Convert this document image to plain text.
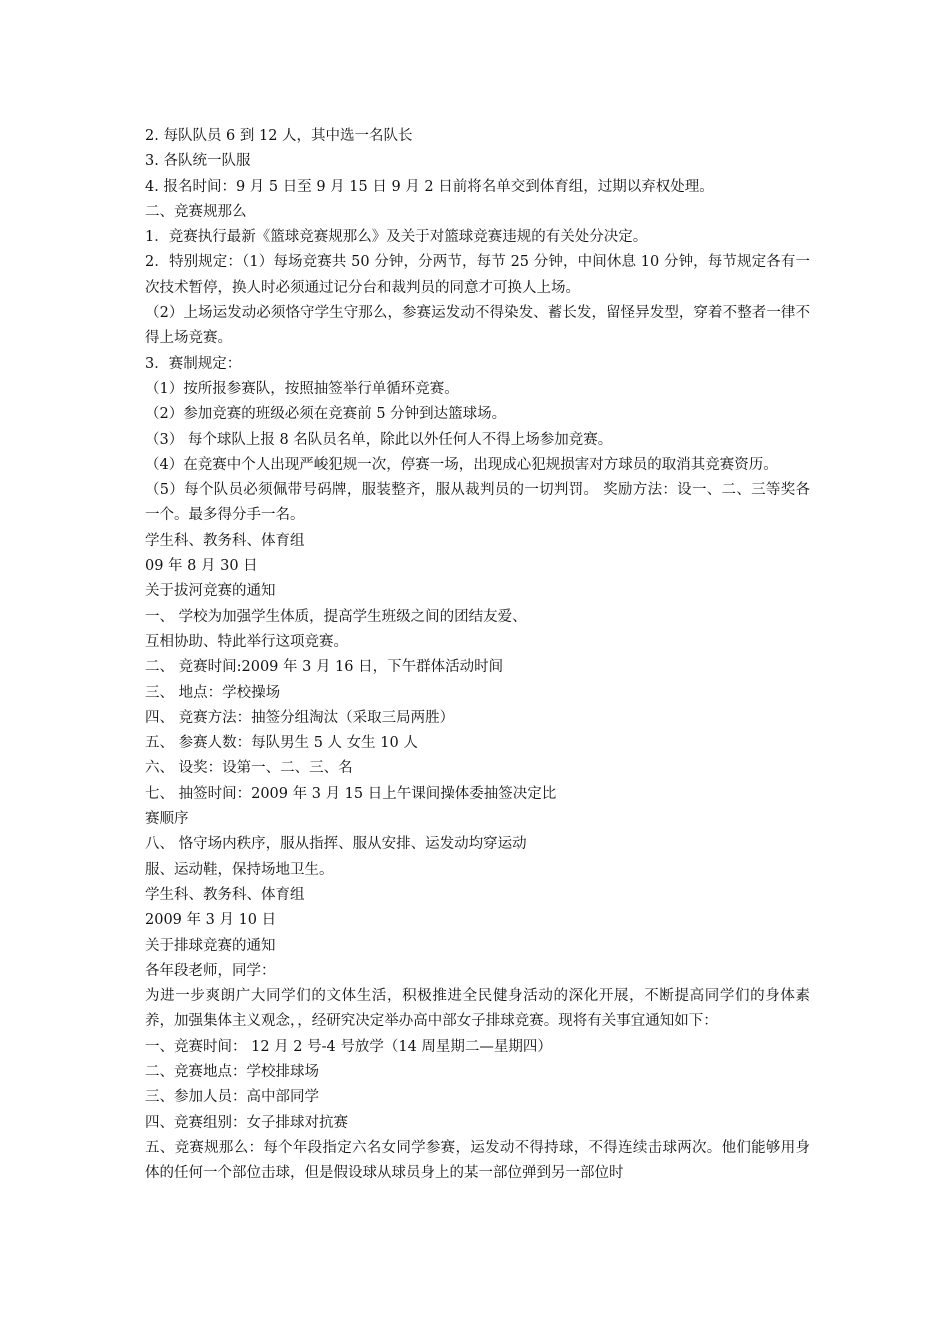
2. 每队队员 6 到 12 人，其中选一名队长
3. 各队统一队服
4. 报名时间：9 月 5 日至 9 月 15 日 9 月 2 日前将名单交到体育组，过期以弃权处理。
二、竞赛规那么
1．竞赛执行最新《篮球竞赛规那么》及关于对篮球竞赛违规的有关处分决定。
2．特别规定：（1）每场竞赛共 50 分钟，分两节，每节 25 分钟，中间休息 10 分钟，每节规定各有一次技术暂停，换人时必须通过记分台和裁判员的同意才可换人上场。
（2）上场运发动必须恪守学生守那么，参赛运发动不得染发、蓄长发，留怪异发型，穿着不整者一律不得上场竞赛。
3．赛制规定：
（1）按所报参赛队，按照抽签举行单循环竞赛。
（2）参加竞赛的班级必须在竞赛前 5 分钟到达篮球场。
（3） 每个球队上报 8 名队员名单，除此以外任何人不得上场参加竞赛。
（4）在竞赛中个人出现严峻犯规一次，停赛一场，出现成心犯规损害对方球员的取消其竞赛资历。
（5）每个队员必须佩带号码牌，服装整齐，服从裁判员的一切判罚。 奖励方法：设一、二、三等奖各一个。最多得分手一名。
学生科、教务科、体育组
09 年 8 月 30 日
关于拔河竞赛的通知
一、 学校为加强学生体质，提高学生班级之间的团结友爱、
互相协助、特此举行这项竞赛。
二、 竞赛时间:2009 年 3 月 16 日，下午群体活动时间
三、 地点：学校操场
四、 竞赛方法：抽签分组淘汰（采取三局两胜）
五、 参赛人数：每队男生 5 人 女生 10 人
六、 设奖：设第一、二、三、名
七、 抽签时间：2009 年 3 月 15 日上午课间操体委抽签决定比
赛顺序
八、 恪守场内秩序，服从指挥、服从安排、运发动均穿运动
服、运动鞋，保持场地卫生。
学生科、教务科、体育组
2009 年 3 月 10 日
关于排球竞赛的通知
各年段老师，同学：
为进一步爽朗广大同学们的文体生活，积极推进全民健身活动的深化开展，不断提高同学们的身体素养，加强集体主义观念，，经研究决定举办高中部女子排球竞赛。现将有关事宜通知如下：
一、竞赛时间： 12 月 2 号-4 号放学（14 周星期二—星期四）
二、竞赛地点：学校排球场
三、参加人员：高中部同学
四、竞赛组别：女子排球对抗赛
五、竞赛规那么：每个年段指定六名女同学参赛，运发动不得持球，不得连续击球两次。他们能够用身体的任何一个部位击球，但是假设球从球员身上的某一部位弹到另一部位时
